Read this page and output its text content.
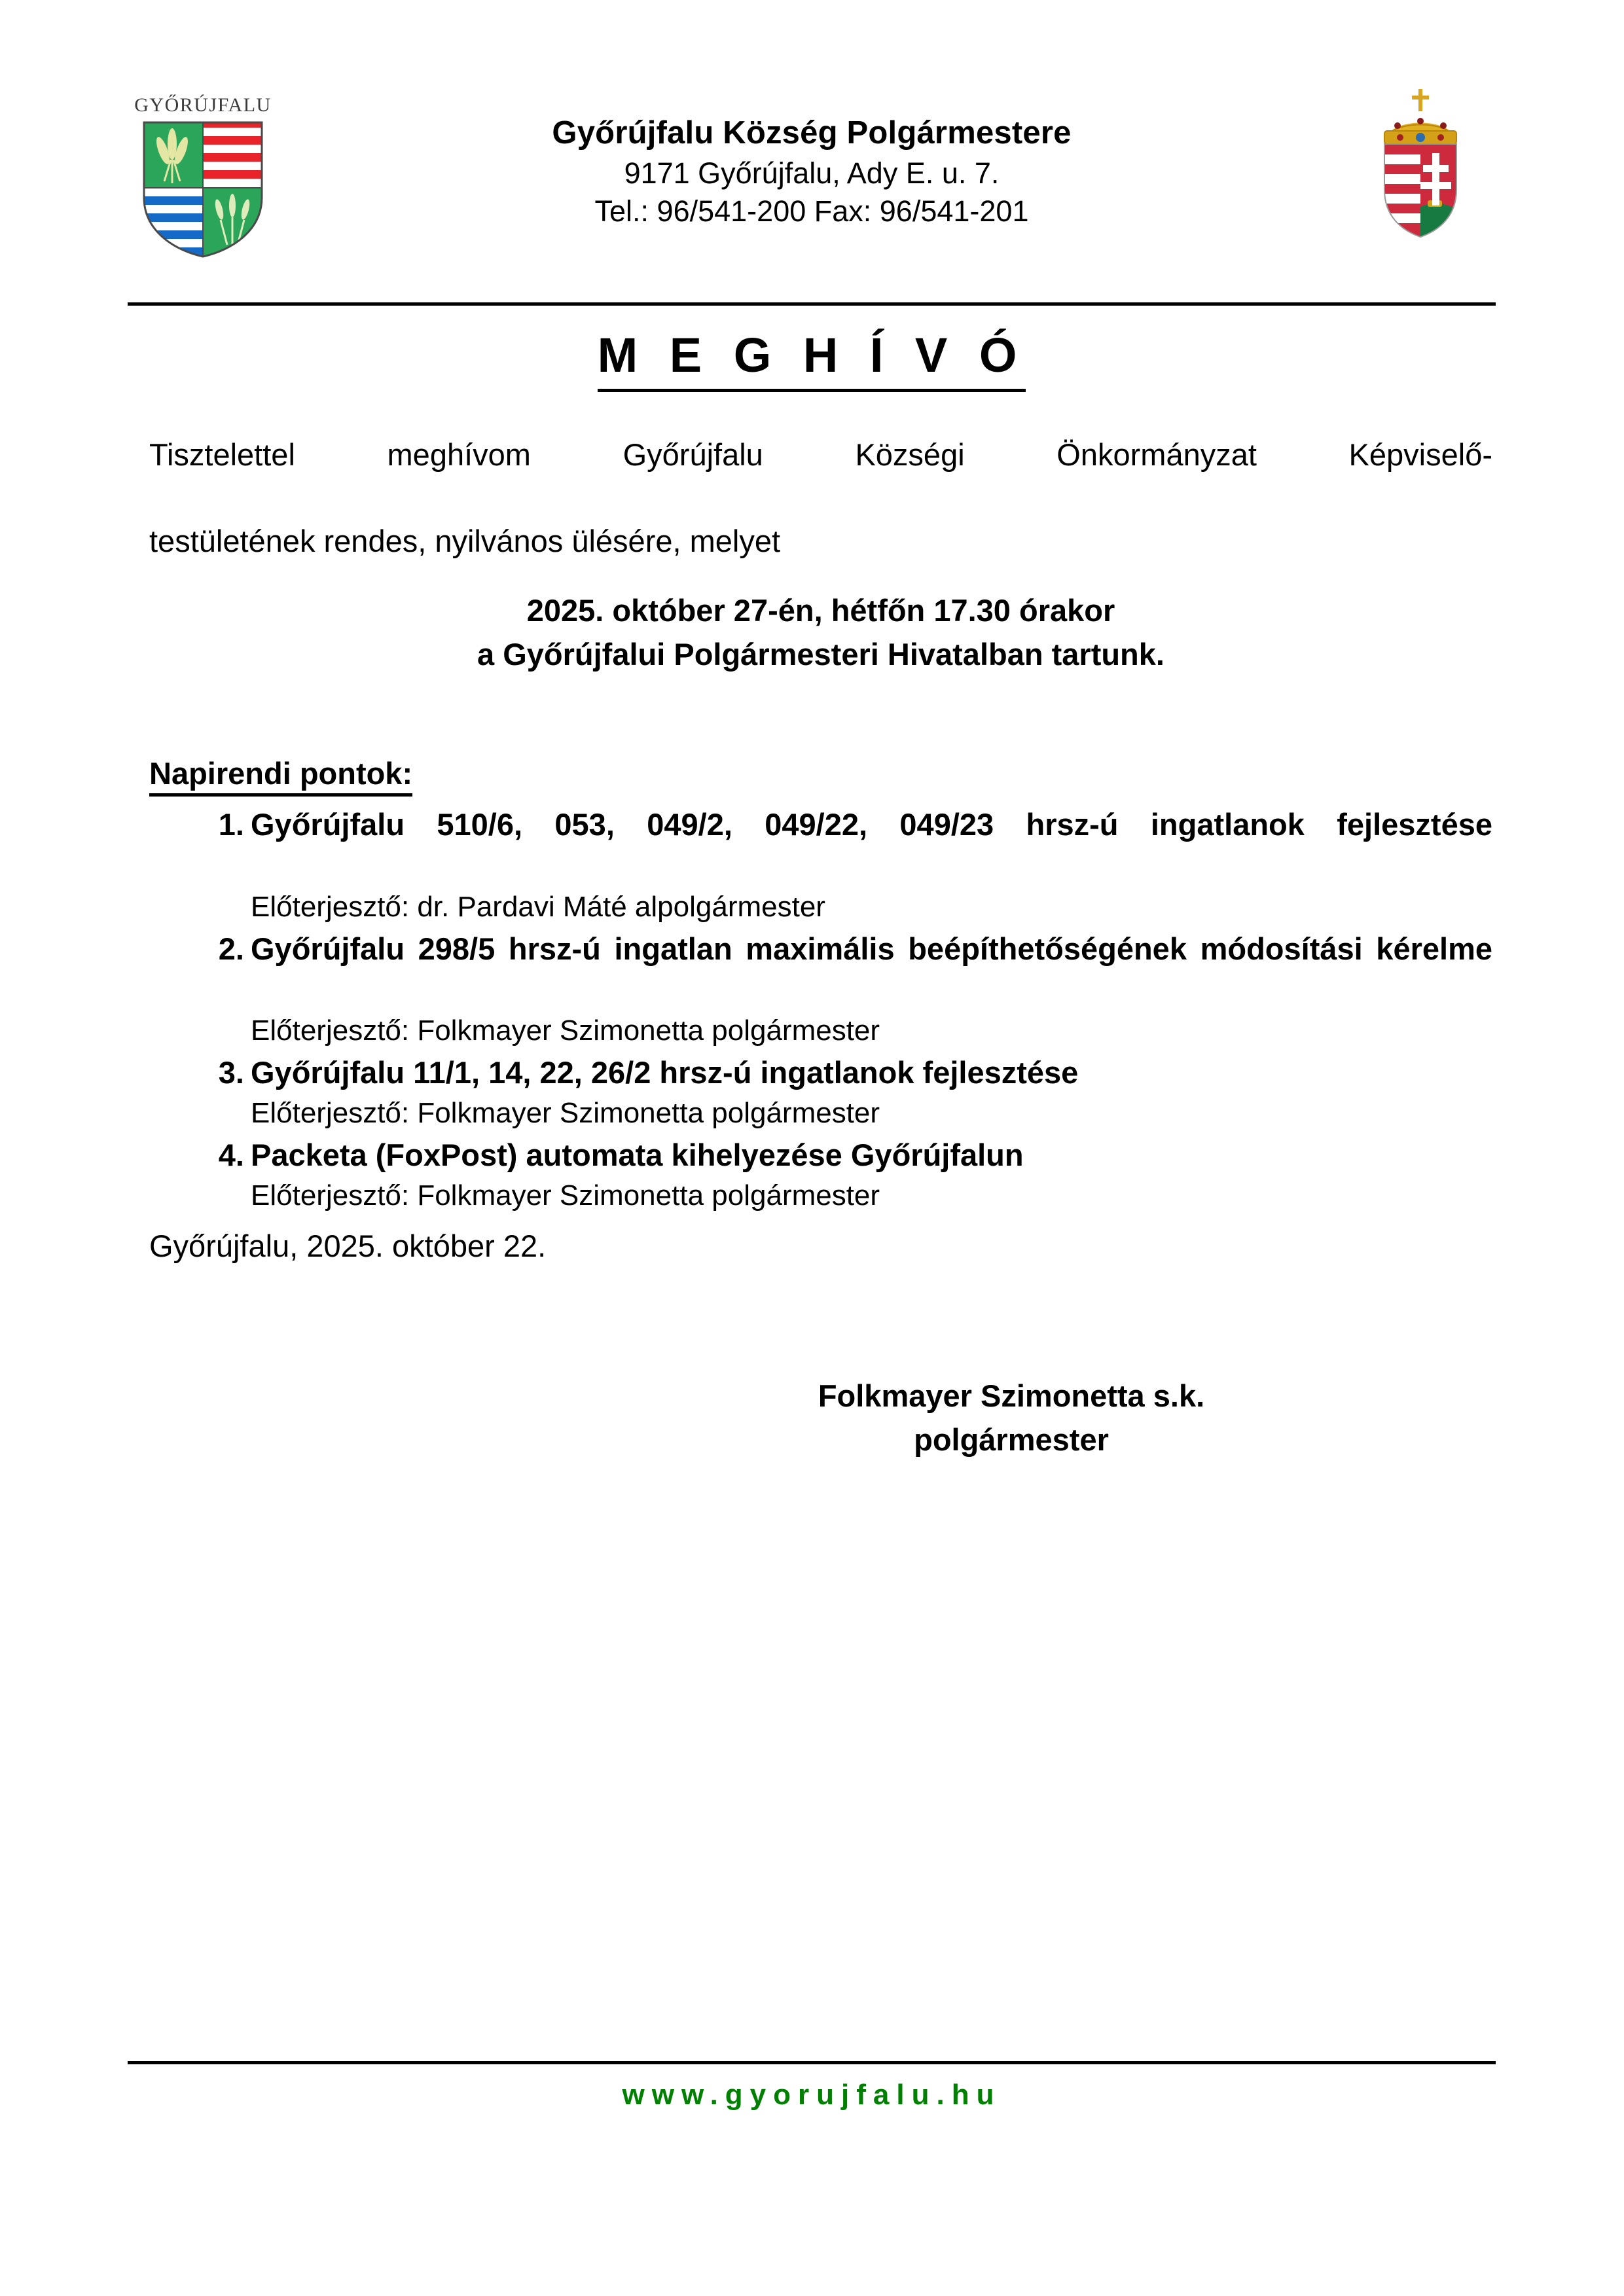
GYŐRÚJFALU
Győrújfalu Község Polgármestere
9171 Győrújfalu, Ady E. u. 7.
Tel.: 96/541-200 Fax: 96/541-201
M E G H Í V Ó
Tisztelettel meghívom Győrújfalu Községi Önkormányzat Képviselő-
testületének rendes, nyilvános ülésére, melyet
2025. október 27-én, hétfőn 17.30 órakor
a Győrújfalui Polgármesteri Hivatalban tartunk.
Napirendi pontok:
1. Győrújfalu 510/6, 053, 049/2, 049/22, 049/23 hrsz-ú ingatlanok fejlesztése
Előterjesztő: dr. Pardavi Máté alpolgármester
2. Győrújfalu 298/5 hrsz-ú ingatlan maximális beépíthetőségének módosítási kérelme
Előterjesztő: Folkmayer Szimonetta polgármester
3. Győrújfalu 11/1, 14, 22, 26/2 hrsz-ú ingatlanok fejlesztése
Előterjesztő: Folkmayer Szimonetta polgármester
4. Packeta (FoxPost) automata kihelyezése Győrújfalun
Előterjesztő: Folkmayer Szimonetta polgármester
Győrújfalu, 2025. október 22.
Folkmayer Szimonetta s.k.
polgármester
www.gyorujfalu.hu
